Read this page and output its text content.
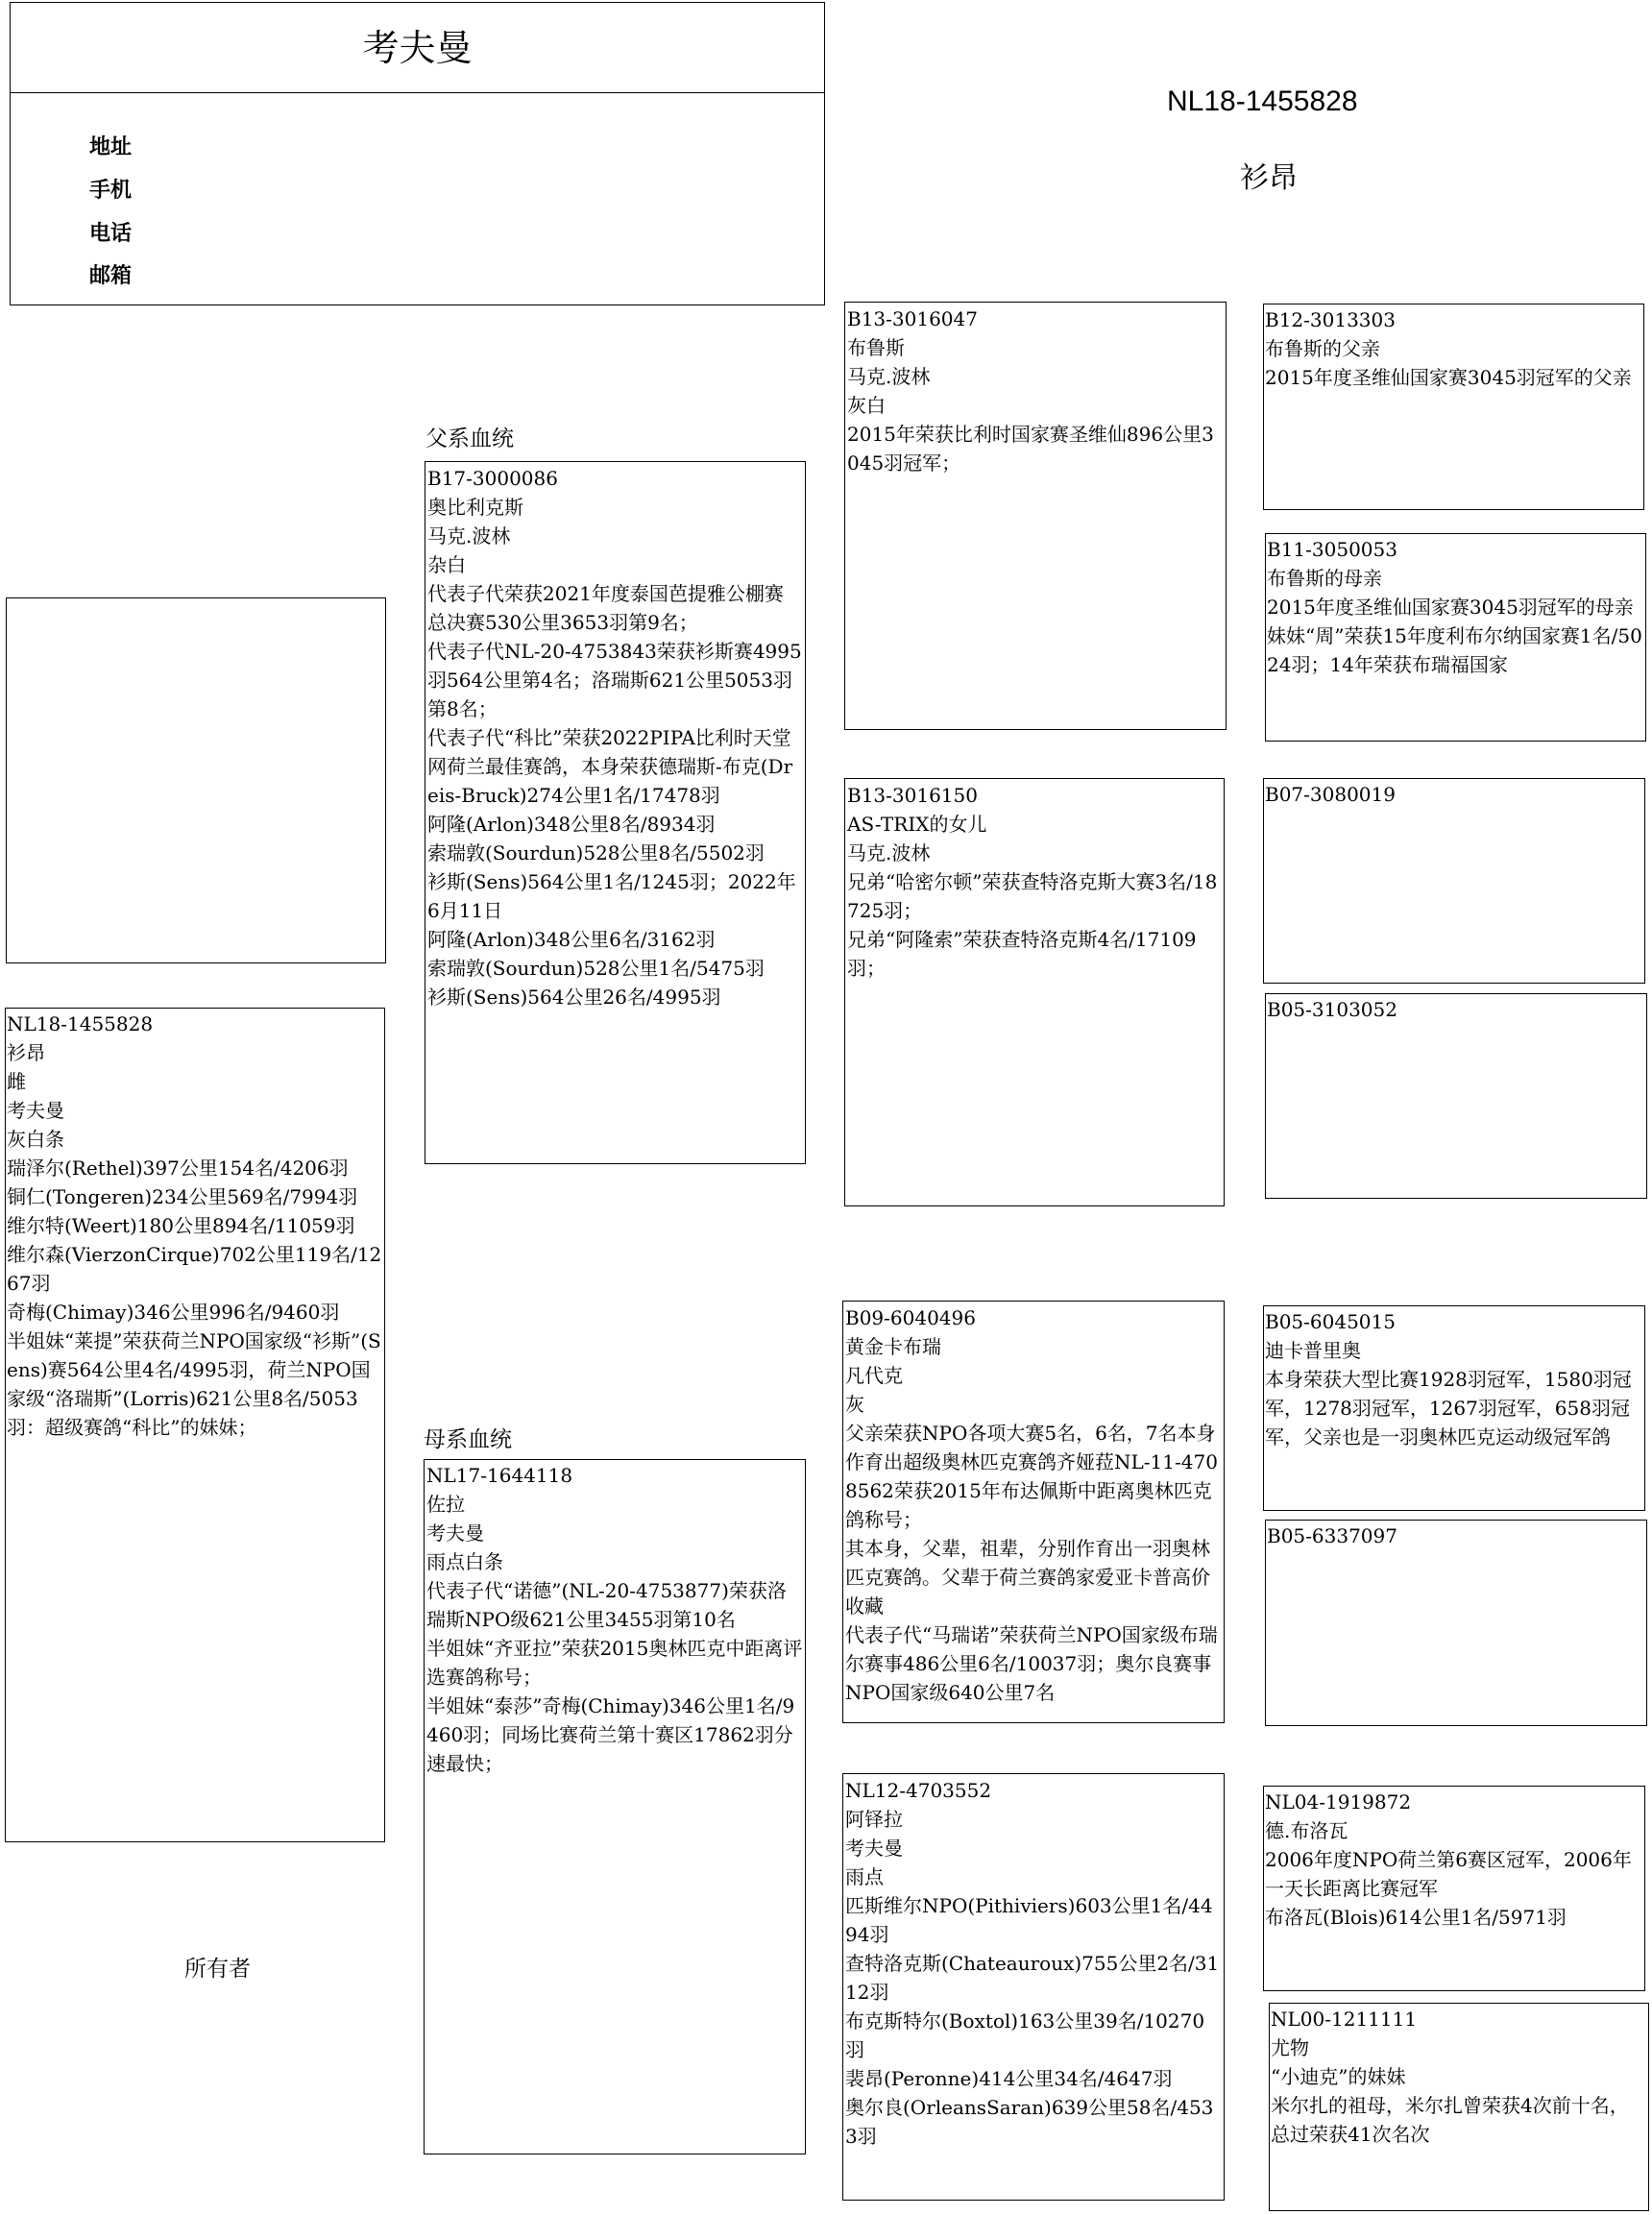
考夫曼
地址
手机
电话
邮箱
NL18-1455828
衫昂
NL18-1455828
衫昂
雌
考夫曼
灰白条
瑞泽尔(Rethel)397公里154名/4206羽
铜仁(Tongeren)234公里569名/7994羽
维尔特(Weert)180公里894名/11059羽
维尔森(VierzonCirque)702公里119名/1267羽
奇梅(Chimay)346公里996名/9460羽
半姐妹“莱提”荣获荷兰NPO国家级“衫斯”(Sens)赛564公里4名/4995羽，荷兰NPO国家级“洛瑞斯”(Lorris)621公里8名/5053羽：超级赛鸽“科比”的妹妹；
父系血统
母系血统
所有者
B17-3000086
奥比利克斯
马克.波林
杂白
代表子代荣获2021年度泰国芭提雅公棚赛总决赛530公里3653羽第9名；
代表子代NL-20-4753843荣获衫斯赛4995羽564公里第4名；洛瑞斯621公里5053羽第8名；
代表子代“科比”荣获2022PIPA比利时天堂网荷兰最佳赛鸽，本身荣获德瑞斯-布克(Dreis-Bruck)274公里1名/17478羽
阿隆(Arlon)348公里8名/8934羽
索瑞敦(Sourdun)528公里8名/5502羽
衫斯(Sens)564公里1名/1245羽；2022年6月11日
阿隆(Arlon)348公里6名/3162羽
索瑞敦(Sourdun)528公里1名/5475羽
衫斯(Sens)564公里26名/4995羽
NL17-1644118
佐拉
考夫曼
雨点白条
代表子代“诺德”(NL-20-4753877)荣获洛瑞斯NPO级621公里3455羽第10名
半姐妹“齐亚拉”荣获2015奥林匹克中距离评选赛鸽称号；
半姐妹“泰莎”奇梅(Chimay)346公里1名/9460羽；同场比赛荷兰第十赛区17862羽分速最快；
B13-3016047
布鲁斯
马克.波林
灰白
2015年荣获比利时国家赛圣维仙896公里3045羽冠军；
B13-3016150
AS-TRIX的女儿
马克.波林
兄弟“哈密尔顿”荣获查特洛克斯大赛3名/18725羽；
兄弟“阿隆索”荣获查特洛克斯4名/17109羽；
B09-6040496
黄金卡布瑞
凡代克
灰
父亲荣获NPO各项大赛5名，6名，7名本身作育出超级奥林匹克赛鸽齐娅菈NL-11-4708562荣获2015年布达佩斯中距离奥林匹克鸽称号；
其本身，父辈，祖辈，分别作育出一羽奥林匹克赛鸽。父辈于荷兰赛鸽家爱亚卡普高价收藏
代表子代“马瑞诺”荣获荷兰NPO国家级布瑞尔赛事486公里6名/10037羽；奥尔良赛事NPO国家级640公里7名
NL12-4703552
阿铎拉
考夫曼
雨点
匹斯维尔NPO(Pithiviers)603公里1名/4494羽
查特洛克斯(Chateauroux)755公里2名/3112羽
布克斯特尔(Boxtol)163公里39名/10270羽
裴昂(Peronne)414公里34名/4647羽
奥尔良(OrleansSaran)639公里58名/4533羽
B12-3013303
布鲁斯的父亲
2015年度圣维仙国家赛3045羽冠军的父亲
B11-3050053
布鲁斯的母亲
2015年度圣维仙国家赛3045羽冠军的母亲
妹妹“周”荣获15年度利布尔纳国家赛1名/5024羽；14年荣获布瑞福国家
B07-3080019
B05-3103052
B05-6045015
迪卡普里奥
本身荣获大型比赛1928羽冠军，1580羽冠军，1278羽冠军，1267羽冠军，658羽冠军，父亲也是一羽奥林匹克运动级冠军鸽
B05-6337097
NL04-1919872
德.布洛瓦
2006年度NPO荷兰第6赛区冠军，2006年一天长距离比赛冠军
布洛瓦(Blois)614公里1名/5971羽
NL00-1211111
尤物
“小迪克”的妹妹
米尔扎的祖母，米尔扎曾荣获4次前十名，总过荣获41次名次
